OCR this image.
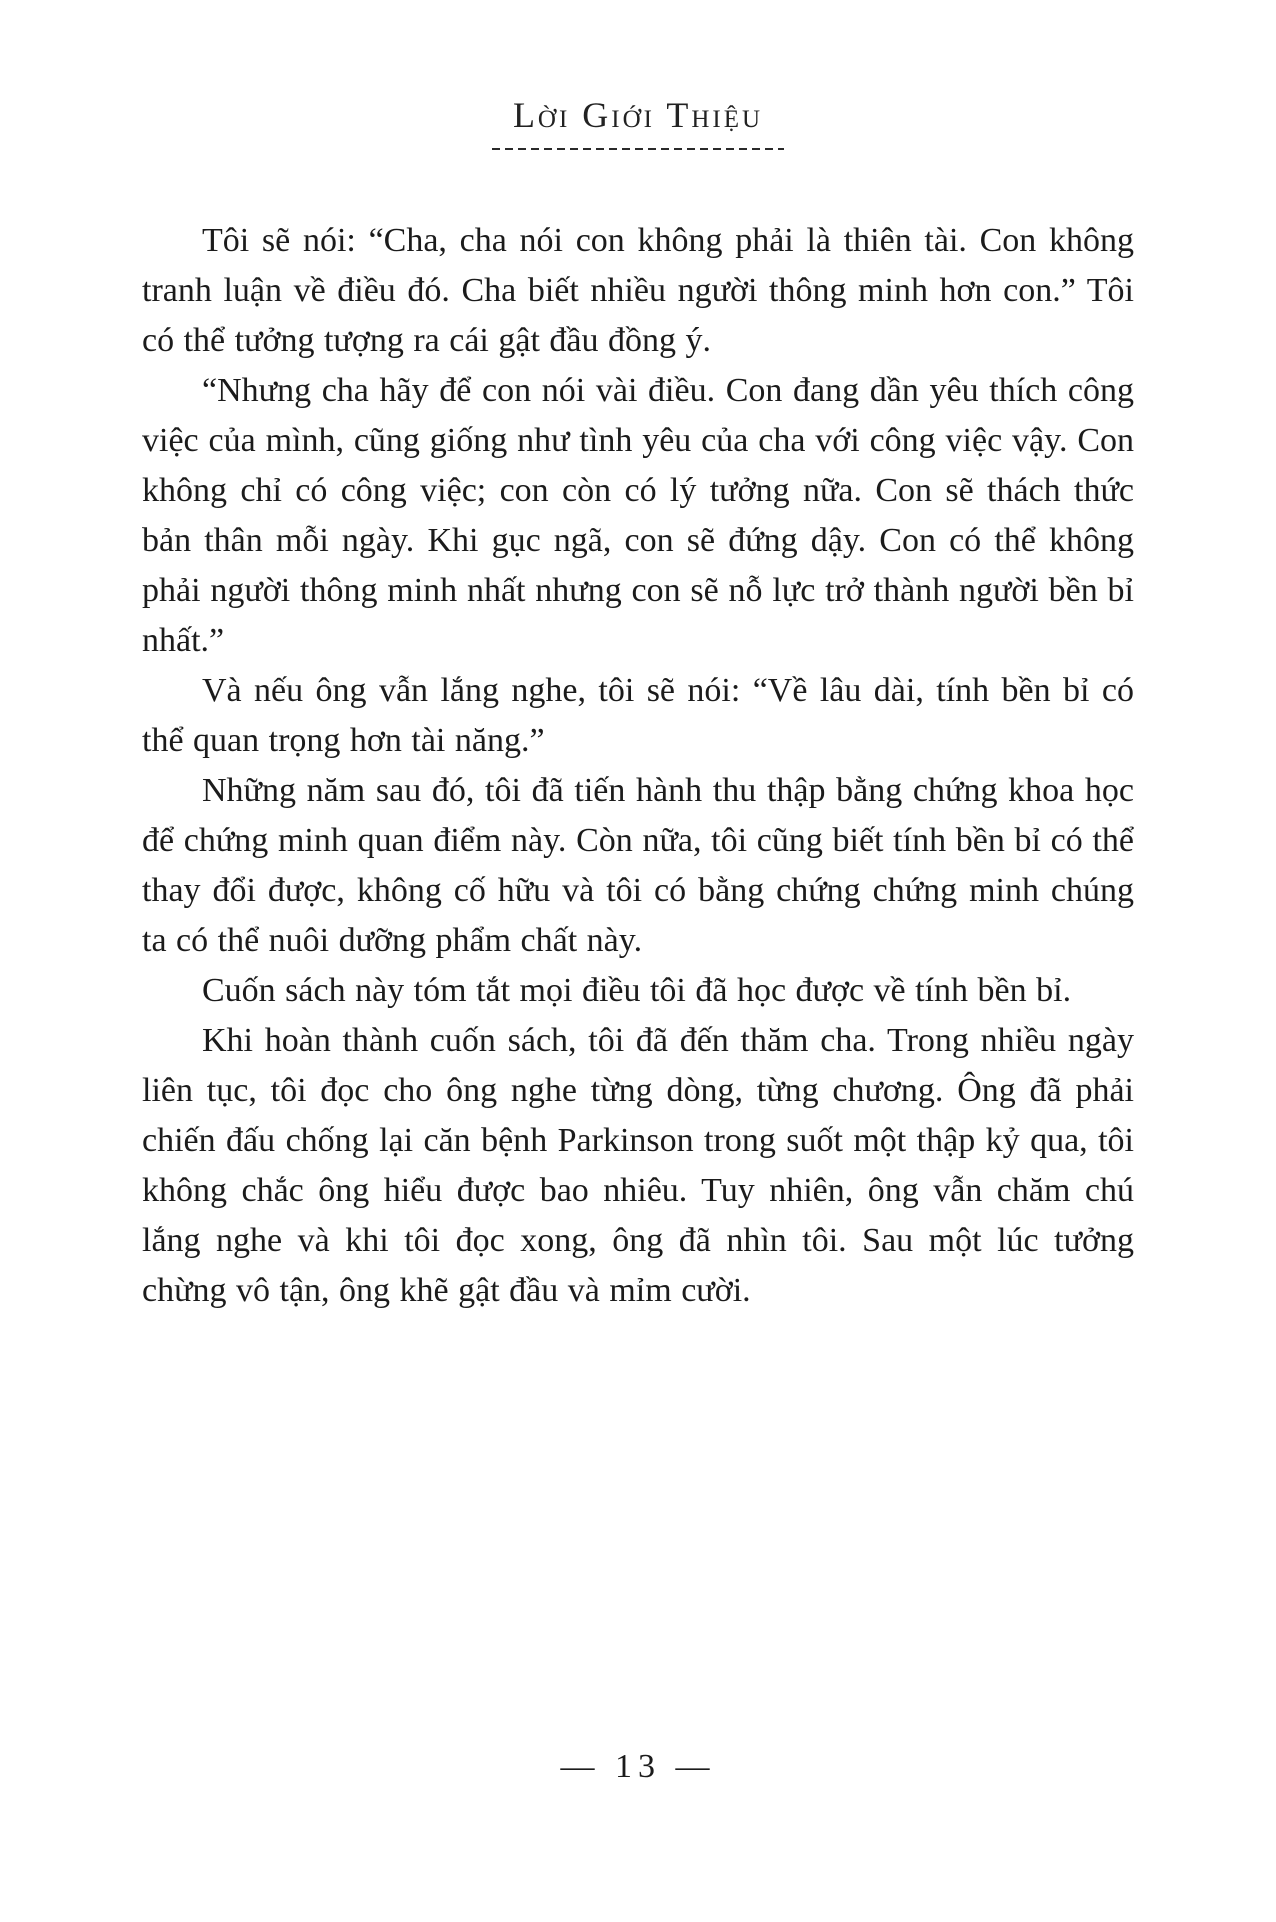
Lời Giới Thiệu

Tôi sẽ nói: “Cha, cha nói con không phải là thiên tài. Con không tranh luận về điều đó. Cha biết nhiều người thông minh hơn con.” Tôi có thể tưởng tượng ra cái gật đầu đồng ý.

“Nhưng cha hãy để con nói vài điều. Con đang dần yêu thích công việc của mình, cũng giống như tình yêu của cha với công việc vậy. Con không chỉ có công việc; con còn có lý tưởng nữa. Con sẽ thách thức bản thân mỗi ngày. Khi gục ngã, con sẽ đứng dậy. Con có thể không phải người thông minh nhất nhưng con sẽ nỗ lực trở thành người bền bỉ nhất.”

Và nếu ông vẫn lắng nghe, tôi sẽ nói: “Về lâu dài, tính bền bỉ có thể quan trọng hơn tài năng.”

Những năm sau đó, tôi đã tiến hành thu thập bằng chứng khoa học để chứng minh quan điểm này. Còn nữa, tôi cũng biết tính bền bỉ có thể thay đổi được, không cố hữu và tôi có bằng chứng chứng minh chúng ta có thể nuôi dưỡng phẩm chất này.

Cuốn sách này tóm tắt mọi điều tôi đã học được về tính bền bỉ.

Khi hoàn thành cuốn sách, tôi đã đến thăm cha. Trong nhiều ngày liên tục, tôi đọc cho ông nghe từng dòng, từng chương. Ông đã phải chiến đấu chống lại căn bệnh Parkinson trong suốt một thập kỷ qua, tôi không chắc ông hiểu được bao nhiêu. Tuy nhiên, ông vẫn chăm chú lắng nghe và khi tôi đọc xong, ông đã nhìn tôi. Sau một lúc tưởng chừng vô tận, ông khẽ gật đầu và mỉm cười.

— 13 —
